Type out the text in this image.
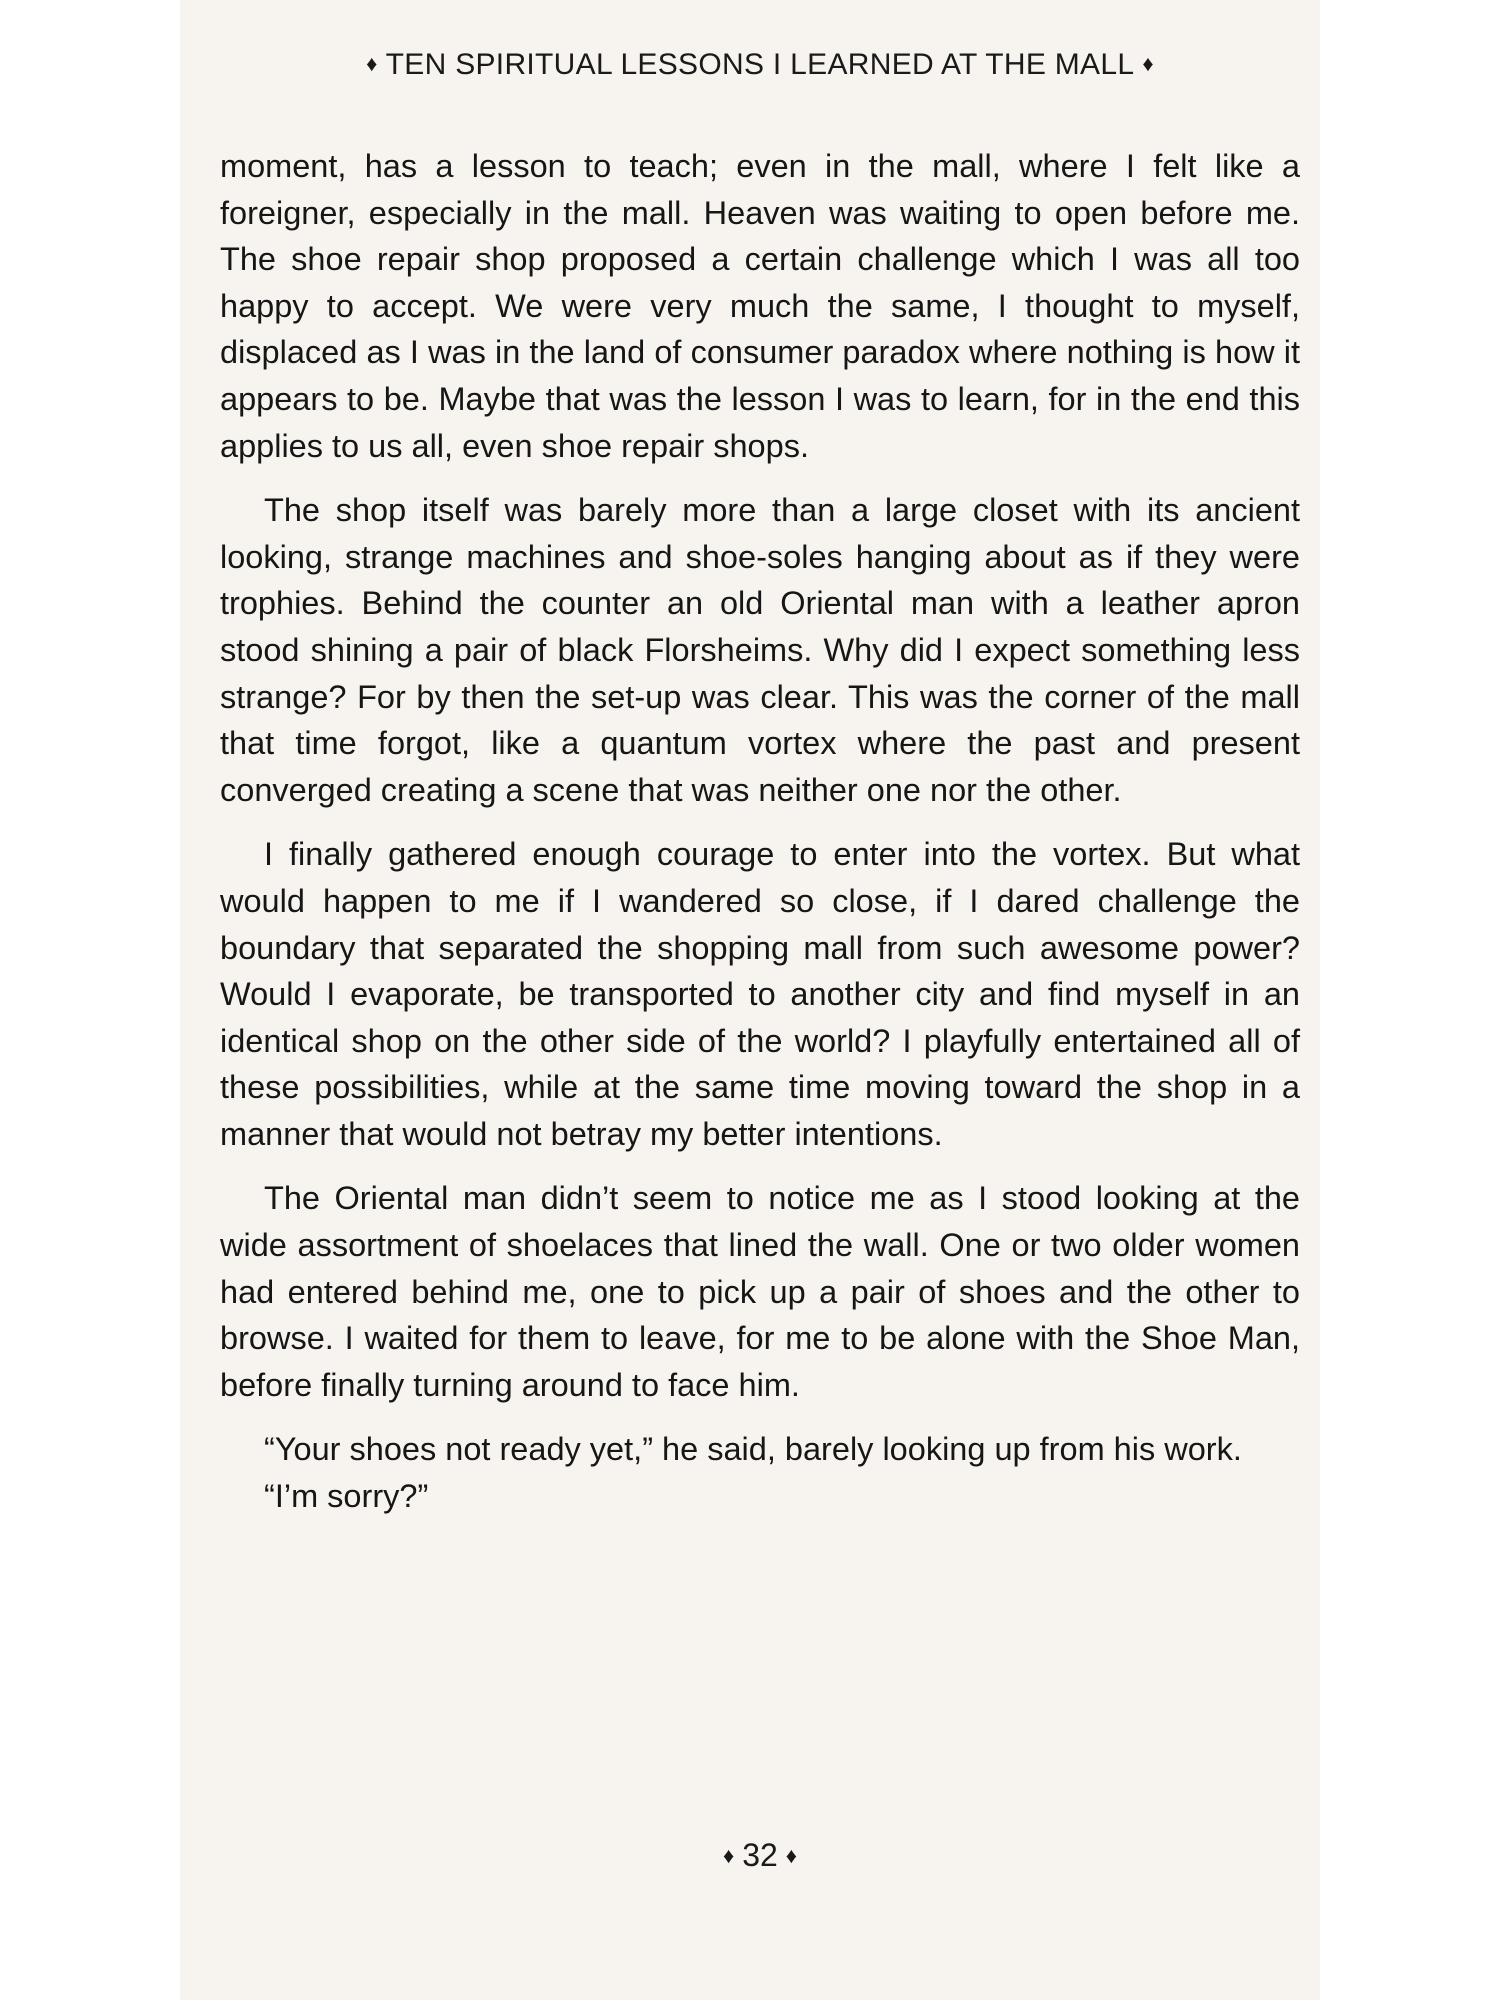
♦ TEN SPIRITUAL LESSONS I LEARNED AT THE MALL ♦

moment, has a lesson to teach; even in the mall, where I felt like a foreigner, especially in the mall. Heaven was waiting to open before me. The shoe repair shop proposed a certain challenge which I was all too happy to accept. We were very much the same, I thought to myself, displaced as I was in the land of consumer paradox where nothing is how it appears to be. Maybe that was the lesson I was to learn, for in the end this applies to us all, even shoe repair shops.

The shop itself was barely more than a large closet with its ancient looking, strange machines and shoe-soles hanging about as if they were trophies. Behind the counter an old Oriental man with a leather apron stood shining a pair of black Florsheims. Why did I expect something less strange? For by then the set-up was clear. This was the corner of the mall that time forgot, like a quantum vortex where the past and present converged creating a scene that was neither one nor the other.

I finally gathered enough courage to enter into the vortex. But what would happen to me if I wandered so close, if I dared challenge the boundary that separated the shopping mall from such awesome power? Would I evaporate, be transported to another city and find myself in an identical shop on the other side of the world? I playfully entertained all of these possibilities, while at the same time moving toward the shop in a manner that would not betray my better intentions.

The Oriental man didn’t seem to notice me as I stood looking at the wide assortment of shoelaces that lined the wall. One or two older women had entered behind me, one to pick up a pair of shoes and the other to browse. I waited for them to leave, for me to be alone with the Shoe Man, before finally turning around to face him.

“Your shoes not ready yet,” he said, barely looking up from his work.

“I’m sorry?”

♦ 32 ♦
